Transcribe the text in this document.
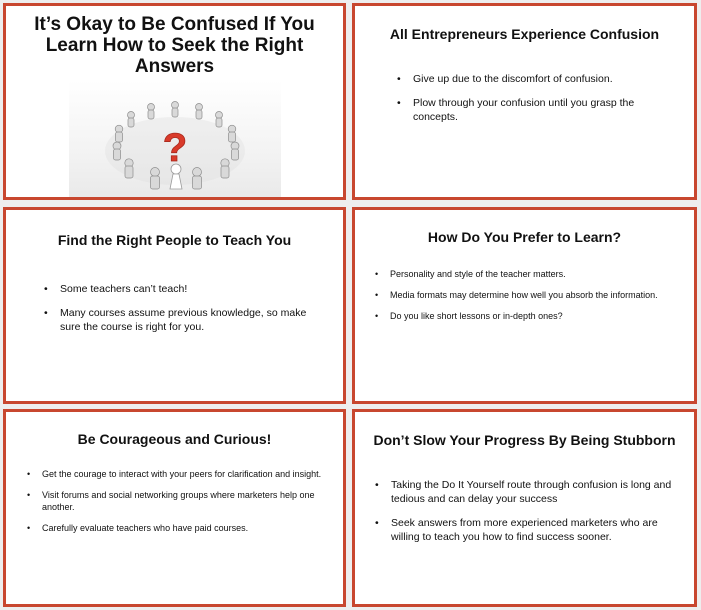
It’s Okay to Be Confused If You Learn How to Seek the Right Answers
?
All Entrepreneurs Experience Confusion
• Give up due to the discomfort of confusion.
• Plow through your confusion until you grasp the concepts.
Find the Right People to Teach You
• Some teachers can’t teach!
• Many courses assume previous knowledge, so make sure the course is right for you.
How Do You Prefer to Learn?
• Personality and style of the teacher matters.
• Media formats may determine how well you absorb the information.
• Do you like short lessons or in-depth ones?
Be Courageous and Curious!
• Get the courage to interact with your peers for clarification and insight.
• Visit forums and social networking groups where marketers help one another.
• Carefully evaluate teachers who have paid courses.
Don’t Slow Your Progress By Being Stubborn
• Taking the Do It Yourself route through confusion is long and tedious and can delay your success
• Seek answers from more experienced marketers who are willing to teach you how to find success sooner.
